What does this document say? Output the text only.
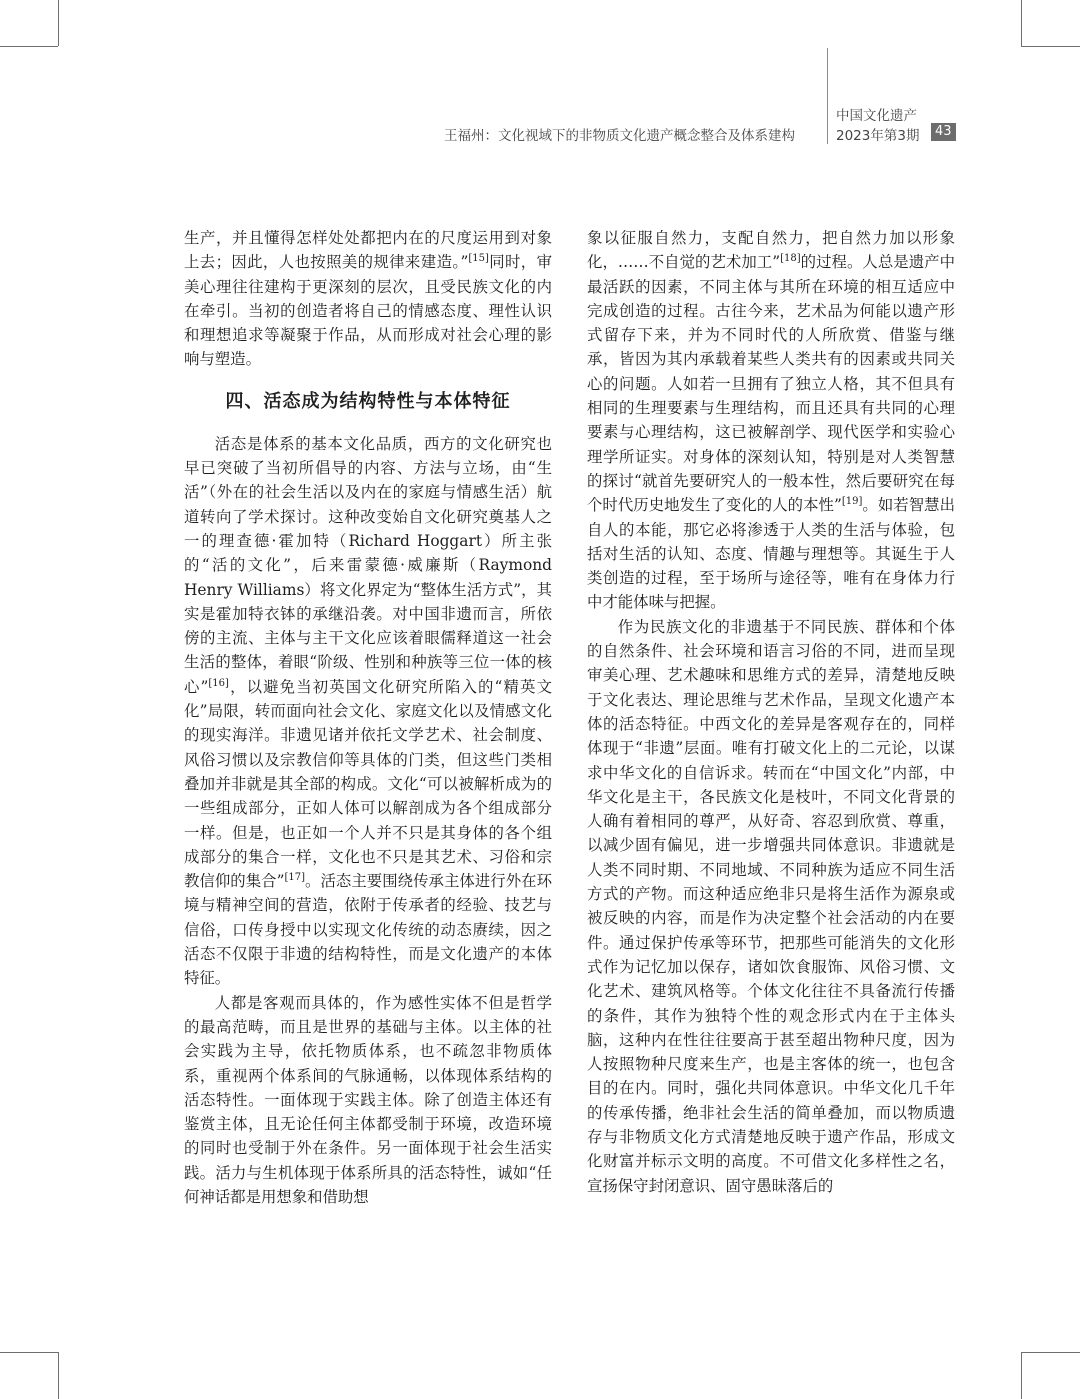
中国文化遗产
王福州：文化视域下的非物质文化遗产概念整合及体系建构	2023年第3期	43

生产，并且懂得怎样处处都把内在的尺度运用到对象上去；因此，人也按照美的规律来建造。”[15]同时，审美心理往往建构于更深刻的层次，且受民族文化的内在牵引。当初的创造者将自己的情感态度、理性认识和理想追求等凝聚于作品，从而形成对社会心理的影响与塑造。

四、活态成为结构特性与本体特征

活态是体系的基本文化品质，西方的文化研究也早已突破了当初所倡导的内容、方法与立场，由“生活”（外在的社会生活以及内在的家庭与情感生活）航道转向了学术探讨。这种改变始自文化研究奠基人之一的理查德·霍加特（Richard Hoggart）所主张的“活的文化”，后来雷蒙德·威廉斯（Raymond Henry Williams）将文化界定为“整体生活方式”，其实是霍加特衣钵的承继沿袭。对中国非遗而言，所依傍的主流、主体与主干文化应该着眼儒释道这一社会生活的整体，着眼“阶级、性别和种族等三位一体的核心”[16]，以避免当初英国文化研究所陷入的“精英文化”局限，转而面向社会文化、家庭文化以及情感文化的现实海洋。非遗见诸并依托文学艺术、社会制度、风俗习惯以及宗教信仰等具体的门类，但这些门类相叠加并非就是其全部的构成。文化“可以被解析成为的一些组成部分，正如人体可以解剖成为各个组成部分一样。但是，也正如一个人并不只是其身体的各个组成部分的集合一样，文化也不只是其艺术、习俗和宗教信仰的集合”[17]。活态主要围绕传承主体进行外在环境与精神空间的营造，依附于传承者的经验、技艺与信俗，口传身授中以实现文化传统的动态赓续，因之活态不仅限于非遗的结构特性，而是文化遗产的本体特征。

人都是客观而具体的，作为感性实体不但是哲学的最高范畴，而且是世界的基础与主体。以主体的社会实践为主导，依托物质体系，也不疏忽非物质体系，重视两个体系间的气脉通畅，以体现体系结构的活态特性。一面体现于实践主体。除了创造主体还有鉴赏主体，且无论任何主体都受制于环境，改造环境的同时也受制于外在条件。另一面体现于社会生活实践。活力与生机体现于体系所具的活态特性，诚如“任何神话都是用想象和借助想

象以征服自然力，支配自然力，把自然力加以形象化，……不自觉的艺术加工”[18]的过程。人总是遗产中最活跃的因素，不同主体与其所在环境的相互适应中完成创造的过程。古往今来，艺术品为何能以遗产形式留存下来，并为不同时代的人所欣赏、借鉴与继承，皆因为其内承载着某些人类共有的因素或共同关心的问题。人如若一旦拥有了独立人格，其不但具有相同的生理要素与生理结构，而且还具有共同的心理要素与心理结构，这已被解剖学、现代医学和实验心理学所证实。对身体的深刻认知，特别是对人类智慧的探讨“就首先要研究人的一般本性，然后要研究在每个时代历史地发生了变化的人的本性”[19]。如若智慧出自人的本能，那它必将渗透于人类的生活与体验，包括对生活的认知、态度、情趣与理想等。其诞生于人类创造的过程，至于场所与途径等，唯有在身体力行中才能体味与把握。

作为民族文化的非遗基于不同民族、群体和个体的自然条件、社会环境和语言习俗的不同，进而呈现审美心理、艺术趣味和思维方式的差异，清楚地反映于文化表达、理论思维与艺术作品，呈现文化遗产本体的活态特征。中西文化的差异是客观存在的，同样体现于“非遗”层面。唯有打破文化上的二元论，以谋求中华文化的自信诉求。转而在“中国文化”内部，中华文化是主干，各民族文化是枝叶，不同文化背景的人确有着相同的尊严，从好奇、容忍到欣赏、尊重，以减少固有偏见，进一步增强共同体意识。非遗就是人类不同时期、不同地域、不同种族为适应不同生活方式的产物。而这种适应绝非只是将生活作为源泉或被反映的内容，而是作为决定整个社会活动的内在要件。通过保护传承等环节，把那些可能消失的文化形式作为记忆加以保存，诸如饮食服饰、风俗习惯、文化艺术、建筑风格等。个体文化往往不具备流行传播的条件，其作为独特个性的观念形式内在于主体头脑，这种内在性往往要高于甚至超出物种尺度，因为人按照物种尺度来生产，也是主客体的统一，也包含目的在内。同时，强化共同体意识。中华文化几千年的传承传播，绝非社会生活的简单叠加，而以物质遗存与非物质文化方式清楚地反映于遗产作品，形成文化财富并标示文明的高度。不可借文化多样性之名，宣扬保守封闭意识、固守愚昧落后的
